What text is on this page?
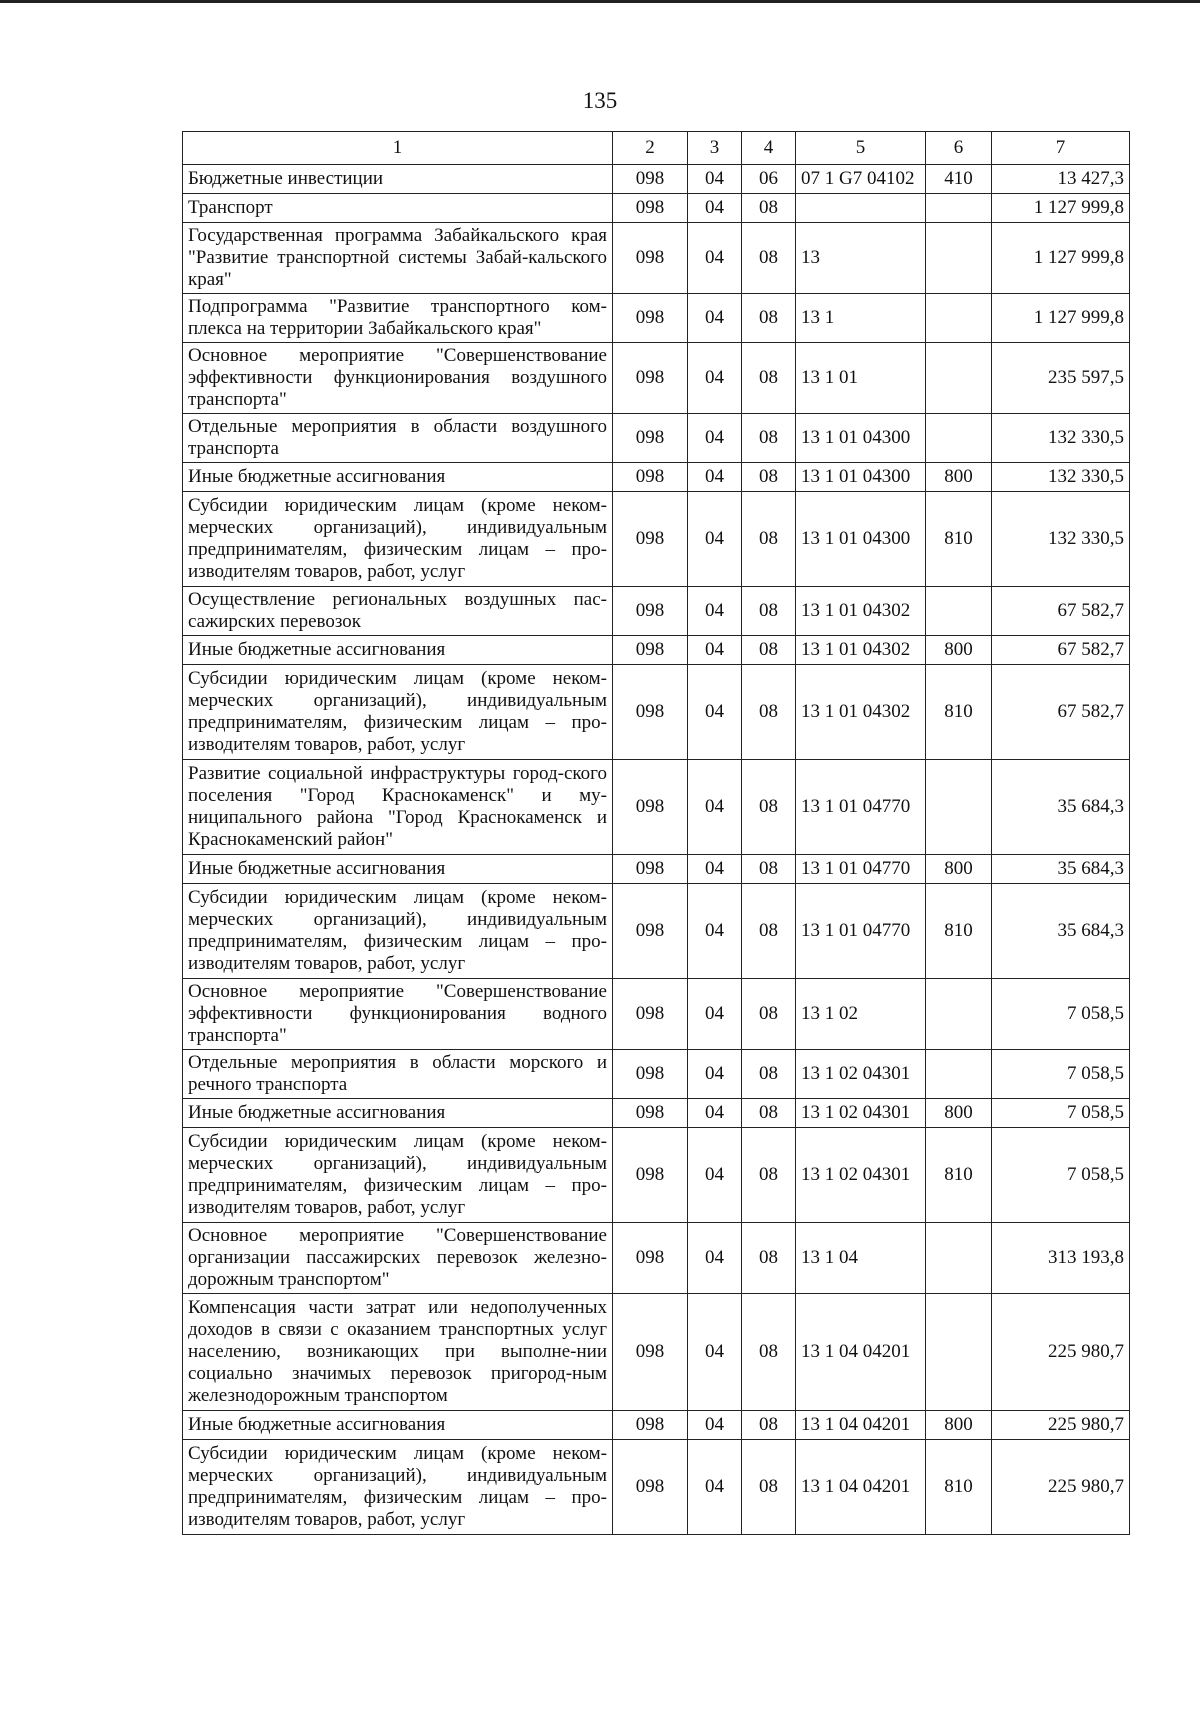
135
1	2	3	4	5	6	7
Бюджетные инвестиции	098	04	06	07 1 G7 04102	410	13 427,3
Транспорт	098	04	08			1 127 999,8
Государственная программа Забайкальского края "Развитие транспортной системы Забай-кальского края"	098	04	08	13		1 127 999,8
Подпрограмма "Развитие транспортного ком-плекса на территории Забайкальского края"	098	04	08	13 1		1 127 999,8
Основное мероприятие "Совершенствование эффективности функционирования воздушного транспорта"	098	04	08	13 1 01		235 597,5
Отдельные мероприятия в области воздушного транспорта	098	04	08	13 1 01 04300		132 330,5
Иные бюджетные ассигнования	098	04	08	13 1 01 04300	800	132 330,5
Субсидии юридическим лицам (кроме неком-мерческих организаций), индивидуальным предпринимателям, физическим лицам – про-изводителям товаров, работ, услуг	098	04	08	13 1 01 04300	810	132 330,5
Осуществление региональных воздушных пас-сажирских перевозок	098	04	08	13 1 01 04302		67 582,7
Иные бюджетные ассигнования	098	04	08	13 1 01 04302	800	67 582,7
Субсидии юридическим лицам (кроме неком-мерческих организаций), индивидуальным предпринимателям, физическим лицам – про-изводителям товаров, работ, услуг	098	04	08	13 1 01 04302	810	67 582,7
Развитие социальной инфраструктуры город-ского поселения "Город Краснокаменск" и му-ниципального района "Город Краснокаменск и Краснокаменский район"	098	04	08	13 1 01 04770		35 684,3
Иные бюджетные ассигнования	098	04	08	13 1 01 04770	800	35 684,3
Субсидии юридическим лицам (кроме неком-мерческих организаций), индивидуальным предпринимателям, физическим лицам – про-изводителям товаров, работ, услуг	098	04	08	13 1 01 04770	810	35 684,3
Основное мероприятие "Совершенствование эффективности функционирования водного транспорта"	098	04	08	13 1 02		7 058,5
Отдельные мероприятия в области морского и речного транспорта	098	04	08	13 1 02 04301		7 058,5
Иные бюджетные ассигнования	098	04	08	13 1 02 04301	800	7 058,5
Субсидии юридическим лицам (кроме неком-мерческих организаций), индивидуальным предпринимателям, физическим лицам – про-изводителям товаров, работ, услуг	098	04	08	13 1 02 04301	810	7 058,5
Основное мероприятие "Совершенствование организации пассажирских перевозок железно-дорожным транспортом"	098	04	08	13 1 04		313 193,8
Компенсация части затрат или недополученных доходов в связи с оказанием транспортных услуг населению, возникающих при выполне-нии социально значимых перевозок пригород-ным железнодорожным транспортом	098	04	08	13 1 04 04201		225 980,7
Иные бюджетные ассигнования	098	04	08	13 1 04 04201	800	225 980,7
Субсидии юридическим лицам (кроме неком-мерческих организаций), индивидуальным предпринимателям, физическим лицам – про-изводителям товаров, работ, услуг	098	04	08	13 1 04 04201	810	225 980,7
